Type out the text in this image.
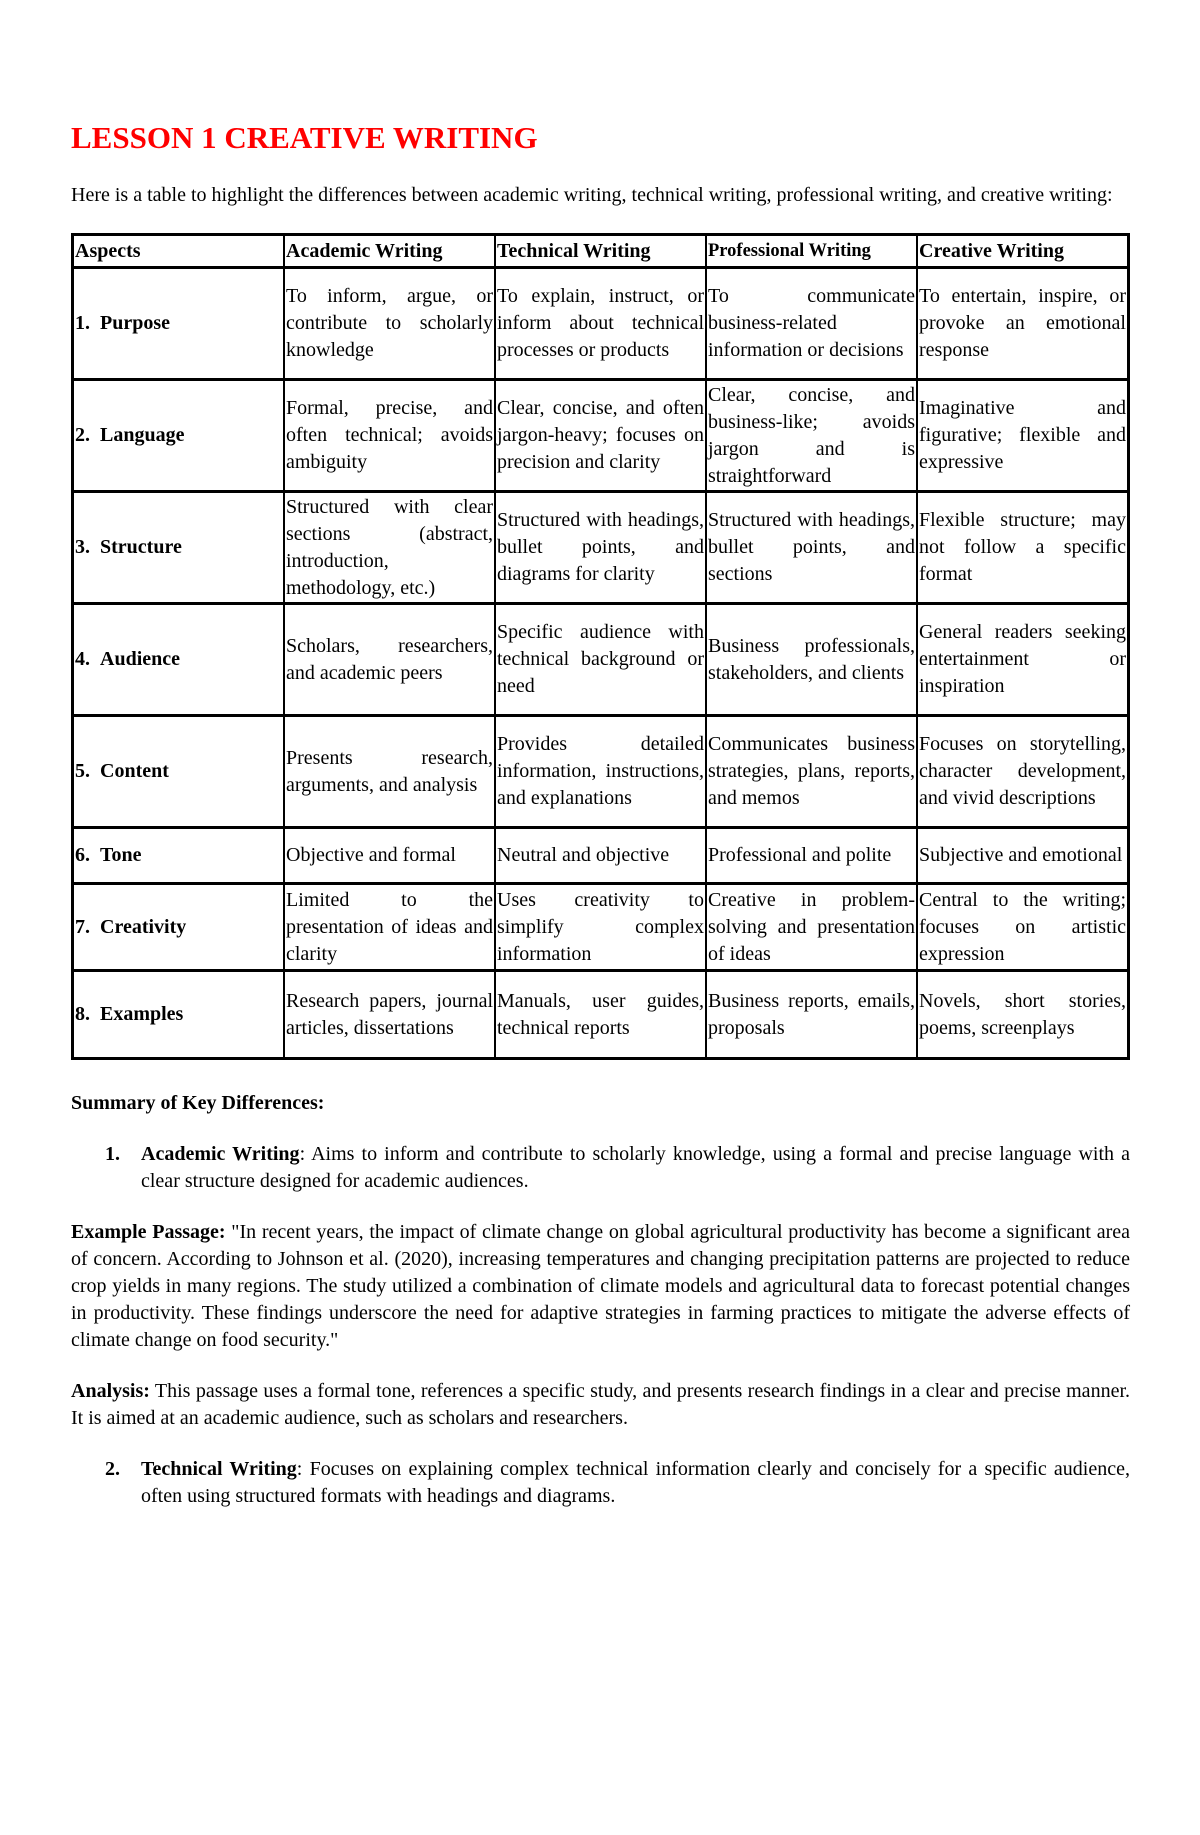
LESSON 1 CREATIVE WRITING

Here is a table to highlight the differences between academic writing, technical writing, professional writing, and creative writing:

Aspects	Academic Writing	Technical Writing	Professional Writing	Creative Writing
1. Purpose	To inform, argue, or contribute to scholarly knowledge	To explain, instruct, or inform about technical processes or products	To communicate business-related information or decisions	To entertain, inspire, or provoke an emotional response
2. Language	Formal, precise, and often technical; avoids ambiguity	Clear, concise, and often jargon-heavy; focuses on precision and clarity	Clear, concise, and business-like; avoids jargon and is straightforward	Imaginative and figurative; flexible and expressive
3. Structure	Structured with clear sections (abstract, introduction, methodology, etc.)	Structured with headings, bullet points, and diagrams for clarity	Structured with headings, bullet points, and sections	Flexible structure; may not follow a specific format
4. Audience	Scholars, researchers, and academic peers	Specific audience with technical background or need	Business professionals, stakeholders, and clients	General readers seeking entertainment or inspiration
5. Content	Presents research, arguments, and analysis	Provides detailed information, instructions, and explanations	Communicates business strategies, plans, reports, and memos	Focuses on storytelling, character development, and vivid descriptions
6. Tone	Objective and formal	Neutral and objective	Professional and polite	Subjective and emotional
7. Creativity	Limited to the presentation of ideas and clarity	Uses creativity to simplify complex information	Creative in problem-solving and presentation of ideas	Central to the writing; focuses on artistic expression
8. Examples	Research papers, journal articles, dissertations	Manuals, user guides, technical reports	Business reports, emails, proposals	Novels, short stories, poems, screenplays
Summary of Key Differences:
1. Academic Writing: Aims to inform and contribute to scholarly knowledge, using a formal and precise language with a clear structure designed for academic audiences.

Example Passage: "In recent years, the impact of climate change on global agricultural productivity has become a significant area of concern. According to Johnson et al. (2020), increasing temperatures and changing precipitation patterns are projected to reduce crop yields in many regions. The study utilized a combination of climate models and agricultural data to forecast potential changes in productivity. These findings underscore the need for adaptive strategies in farming practices to mitigate the adverse effects of climate change on food security."

Analysis: This passage uses a formal tone, references a specific study, and presents research findings in a clear and precise manner. It is aimed at an academic audience, such as scholars and researchers.

2. Technical Writing: Focuses on explaining complex technical information clearly and concisely for a specific audience, often using structured formats with headings and diagrams.
